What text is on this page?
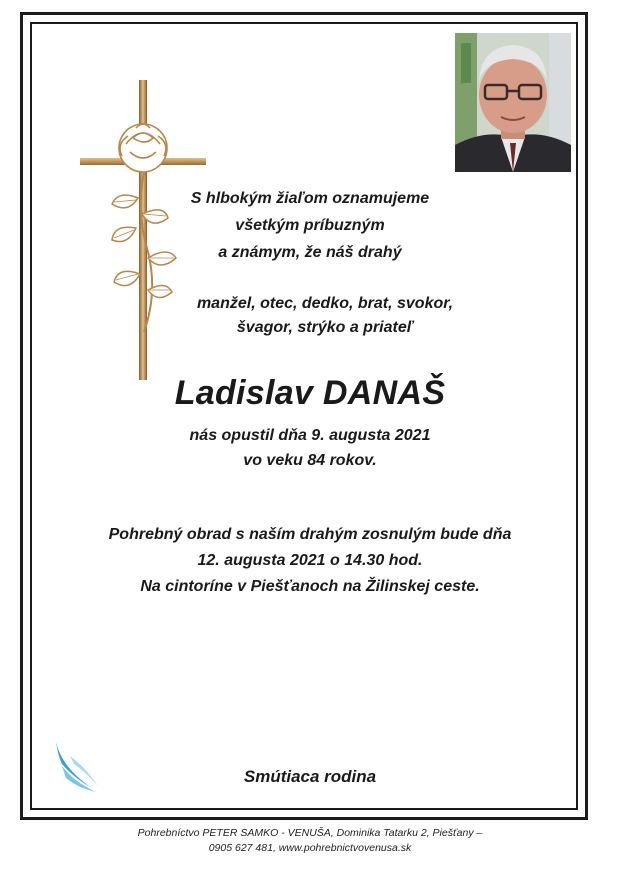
S hlbokým žiaľom oznamujeme
všetkým príbuzným
a známym, že náš drahý
manžel, otec, dedko, brat, svokor,
švagor, strýko a priateľ
Ladislav DANAŠ
nás opustil dňa 9. augusta 2021
vo veku 84 rokov.
Pohrebný obrad s naším drahým zosnulým bude dňa
12. augusta 2021 o 14.30 hod.
Na cintoríne v Piešťanoch na Žilinskej ceste.
Smútiaca rodina
Pohrebníctvo PETER SAMKO - VENUŠA, Dominika Tatarku 2, Piešťany –
0905 627 481, www.pohrebnictvovenusa.sk
